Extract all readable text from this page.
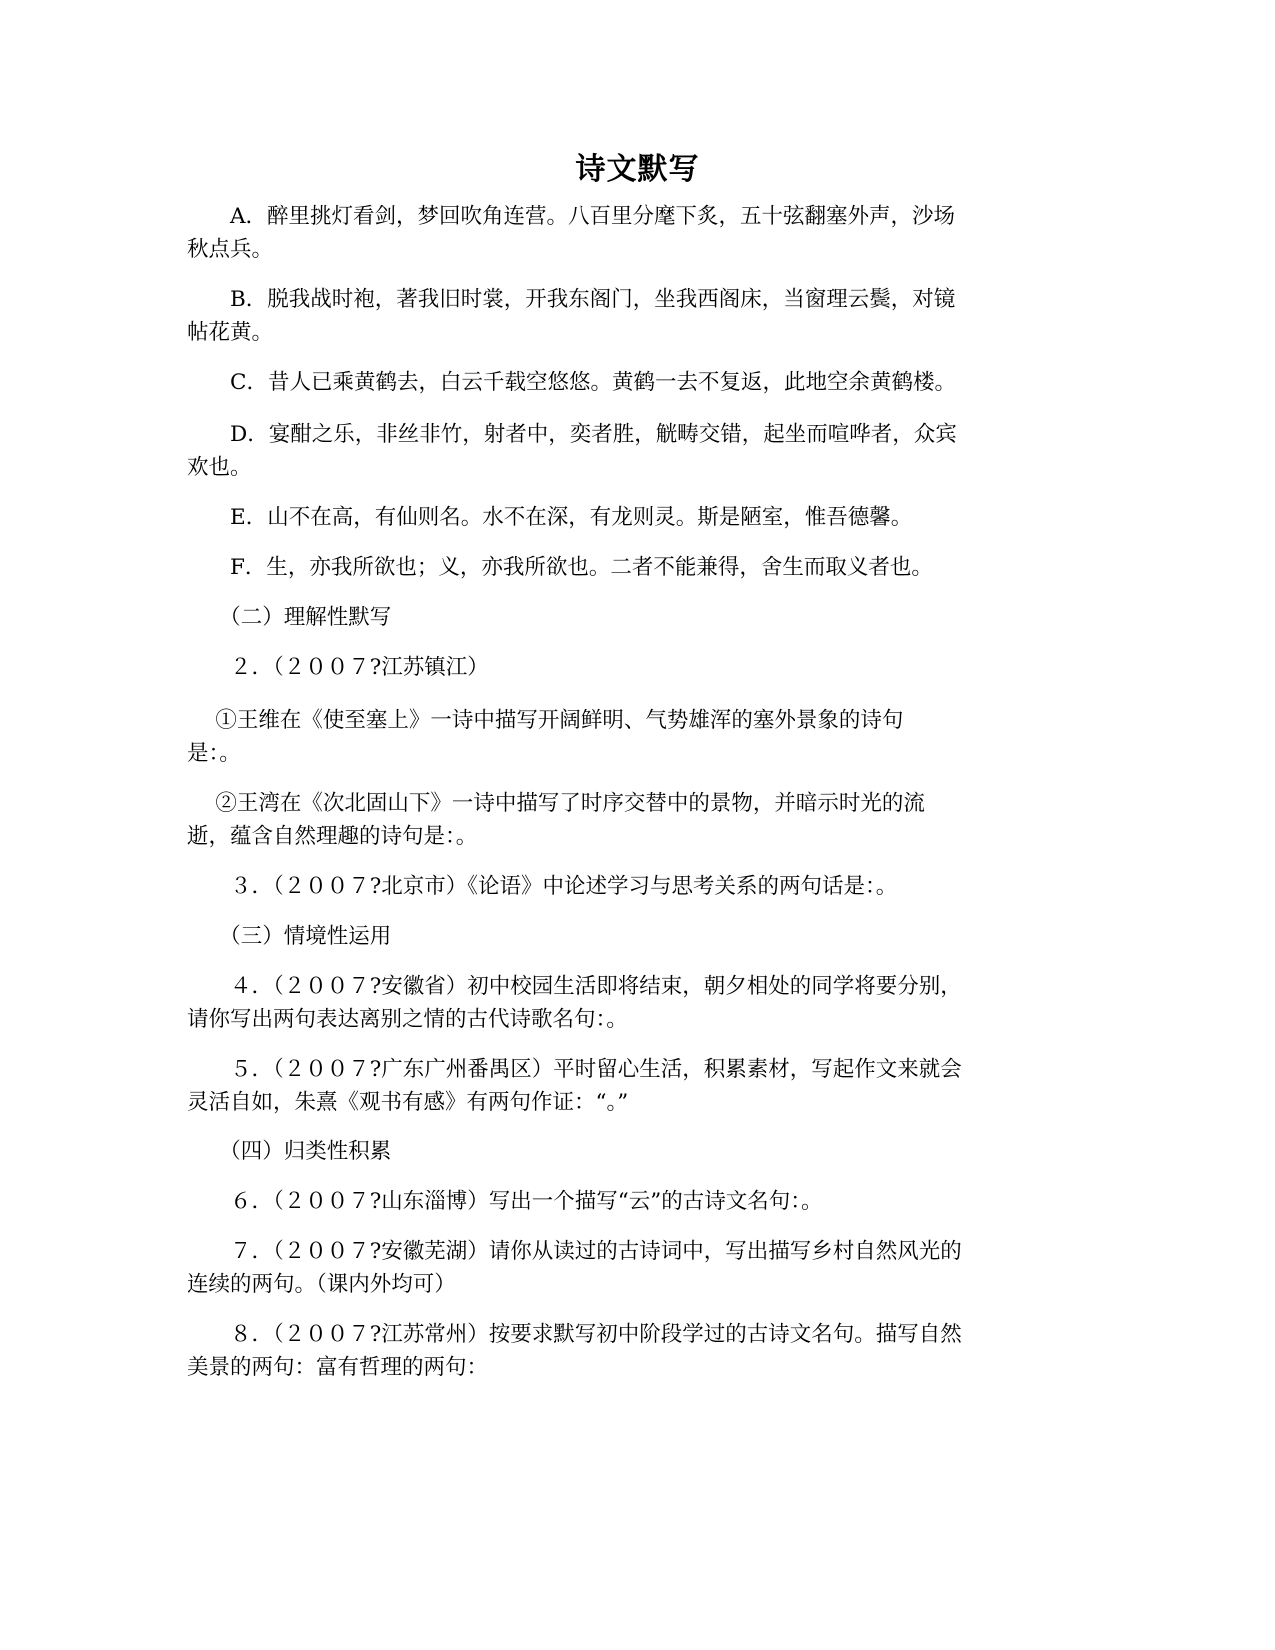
诗文默写
　　A．醉里挑灯看剑，梦回吹角连营。八百里分麾下炙，五十弦翻塞外声，沙场
秋点兵。
　　B．脱我战时袍，著我旧时裳，开我东阁门，坐我西阁床，当窗理云鬓，对镜
帖花黄。
　　C．昔人已乘黄鹤去，白云千载空悠悠。黄鹤一去不复返，此地空余黄鹤楼。
　　D．宴酣之乐，非丝非竹，射者中，奕者胜，觥畴交错，起坐而喧哗者，众宾
欢也。
　　E．山不在高，有仙则名。水不在深，有龙则灵。斯是陋室，惟吾德馨。
　　F．生，亦我所欲也；义，亦我所欲也。二者不能兼得，舍生而取义者也。
　　（二）理解性默写
　　２．（２００７?江苏镇江）
　 ①王维在《使至塞上》一诗中描写开阔鲜明、气势雄浑的塞外景象的诗句
是：。
　 ②王湾在《次北固山下》一诗中描写了时序交替中的景物，并暗示时光的流
逝，蕴含自然理趣的诗句是：。
　　３．（２００７?北京市）《论语》中论述学习与思考关系的两句话是：。
　　（三）情境性运用
　　４．（２００７?安徽省）初中校园生活即将结束，朝夕相处的同学将要分别，
请你写出两句表达离别之情的古代诗歌名句：。
　　５．（２００７?广东广州番禺区）平时留心生活，积累素材，写起作文来就会
灵活自如，朱熹《观书有感》有两句作证：“。”
　　（四）归类性积累
　　６．（２００７?山东淄博）写出一个描写“云”的古诗文名句：。
　　７．（２００７?安徽芜湖）请你从读过的古诗词中，写出描写乡村自然风光的
连续的两句。（课内外均可）
　　８．（２００７?江苏常州）按要求默写初中阶段学过的古诗文名句。描写自然
美景的两句：富有哲理的两句：
